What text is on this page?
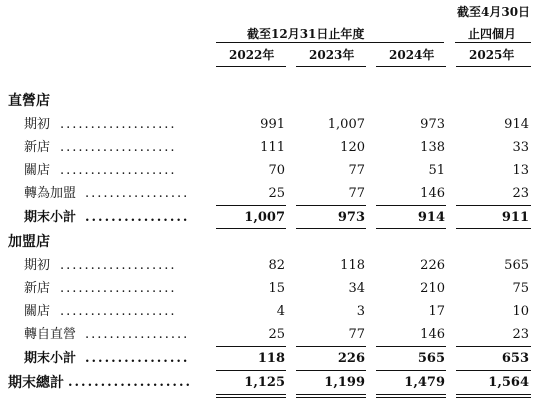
截至12月31日止年度
截至4月30日
止四個月
2022年	2023年	2024年	2025年
直營店
期初 ...................	991	1,007	973	914
新店 ...................	111	120	138	33
關店 ...................	70	77	51	13
轉為加盟 .................	25	77	146	23
期末小計 ................	1,007	973	914	911
加盟店
期初 ...................	82	118	226	565
新店 ...................	15	34	210	75
關店 ...................	4	3	17	10
轉自直營 .................	25	77	146	23
期末小計 ................	118	226	565	653
期末總計 ...................	1,125	1,199	1,479	1,564
